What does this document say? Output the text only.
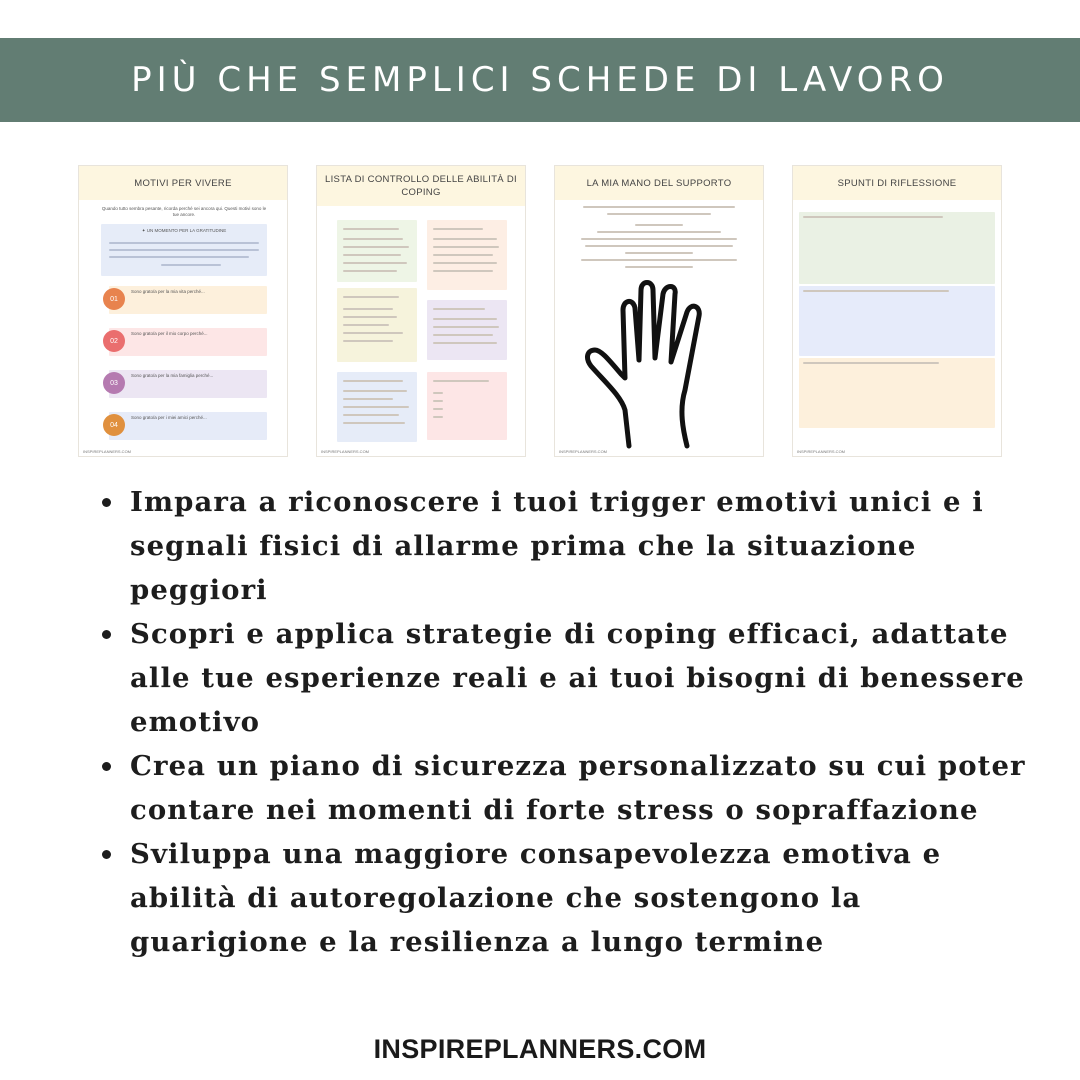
PIÙ CHE SEMPLICI SCHEDE DI LAVORO
MOTIVI PER VIVERE
Quando tutto sembra pesante, ricorda perché sei ancora qui. Questi motivi sono le tue ancore.
✦ UN MOMENTO PER LA GRATITUDINE
Sono grato/a per la mia vita perché...
01
Sono grato/a per il mio corpo perché...
02
Sono grato/a per la mia famiglia perché...
03
Sono grato/a per i miei amici perché...
04
INSPIREPLANNERS.COM
LISTA DI CONTROLLO DELLE ABILITÀ DI COPING
INSPIREPLANNERS.COM
LA MIA MANO DEL SUPPORTO
INSPIREPLANNERS.COM
SPUNTI DI RIFLESSIONE
INSPIREPLANNERS.COM
Impara a riconoscere i tuoi trigger emotivi unici e i segnali fisici di allarme prima che la situazione peggiori
Scopri e applica strategie di coping efficaci, adattate alle tue esperienze reali e ai tuoi bisogni di benessere emotivo
Crea un piano di sicurezza personalizzato su cui poter contare nei momenti di forte stress o sopraffazione
Sviluppa una maggiore consapevolezza emotiva e abilità di autoregolazione che sostengono la guarigione e la resilienza a lungo termine
INSPIREPLANNERS.COM
